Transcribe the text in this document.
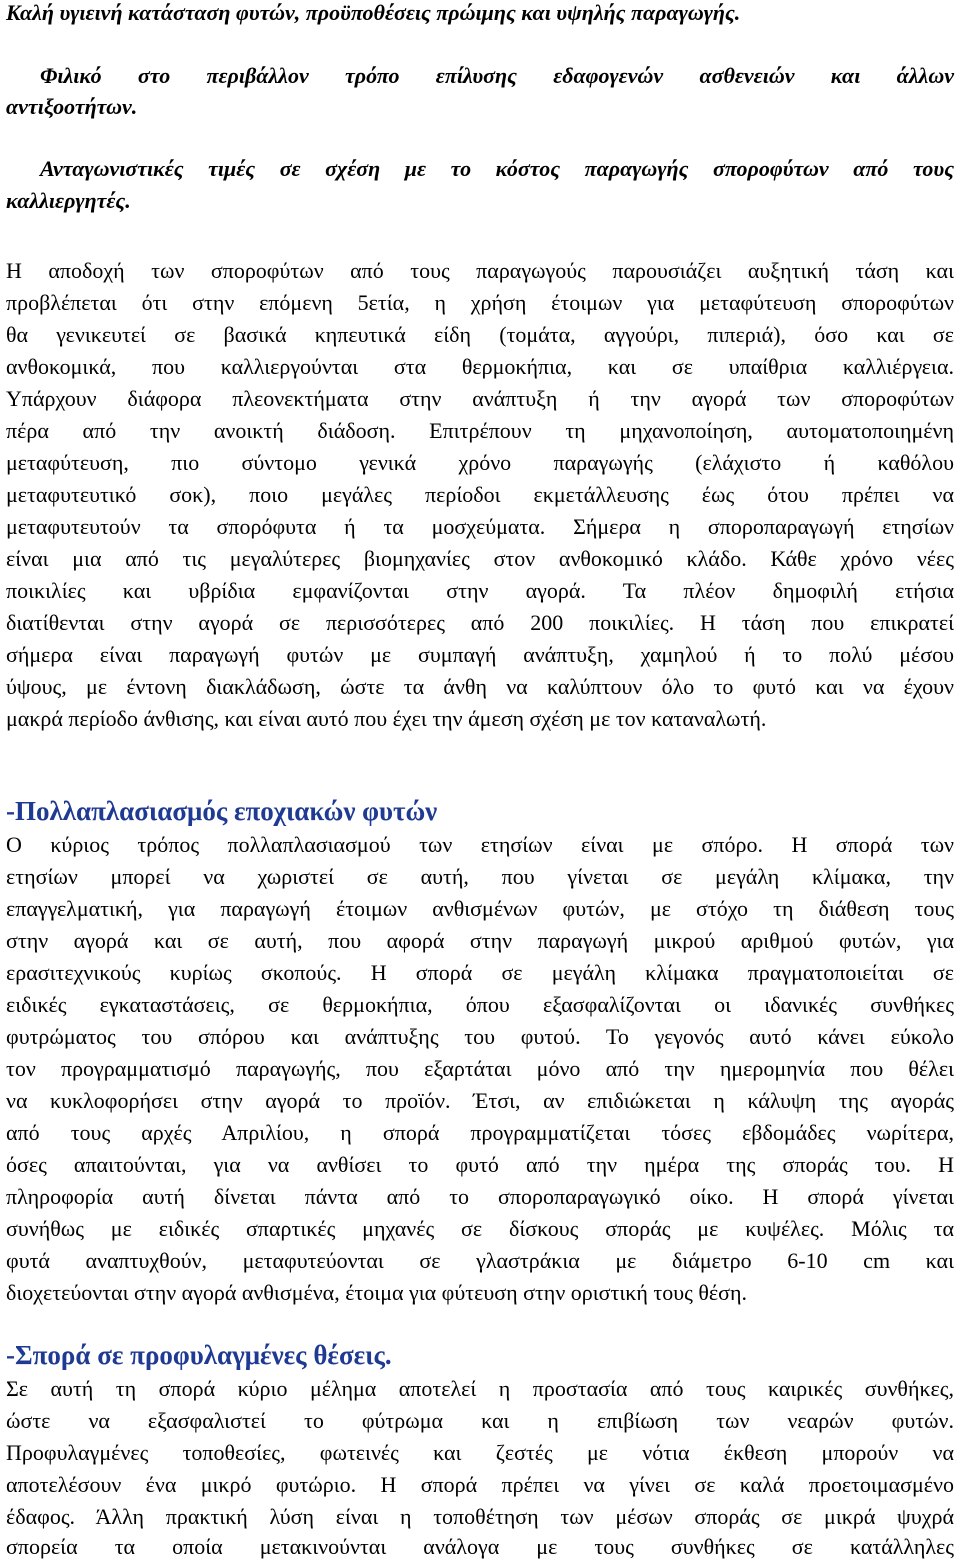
Καλή υγιεινή κατάσταση φυτών, προϋποθέσεις πρώιμης και υψηλής παραγωγής.
Φιλικό στο περιβάλλον τρόπο επίλυσης εδαφογενών ασθενειών και άλλων
αντιξοοτήτων.
Ανταγωνιστικές τιμές σε σχέση με το κόστος παραγωγής σποροφύτων από τους
καλλιεργητές.
Η αποδοχή των σποροφύτων από τους παραγωγούς παρουσιάζει αυξητική τάση και
προβλέπεται ότι στην επόμενη 5ετία, η χρήση έτοιμων για μεταφύτευση σποροφύτων
θα γενικευτεί σε βασικά κηπευτικά είδη (τομάτα, αγγούρι, πιπεριά), όσο και σε
ανθοκομικά, που καλλιεργούνται στα θερμοκήπια, και σε υπαίθρια καλλιέργεια.
Υπάρχουν διάφορα πλεονεκτήματα στην ανάπτυξη ή την αγορά των σποροφύτων
πέρα από την ανοικτή διάδοση. Επιτρέπουν τη μηχανοποίηση, αυτοματοποιημένη
μεταφύτευση, πιο σύντομο γενικά χρόνο παραγωγής (ελάχιστο ή καθόλου
μεταφυτευτικό σοκ), ποιο μεγάλες περίοδοι εκμετάλλευσης έως ότου πρέπει να
μεταφυτευτούν τα σπορόφυτα ή τα μοσχεύματα. Σήμερα η σποροπαραγωγή ετησίων
είναι μια από τις μεγαλύτερες βιομηχανίες στον ανθοκομικό κλάδο. Κάθε χρόνο νέες
ποικιλίες και υβρίδια εμφανίζονται στην αγορά. Τα πλέον δημοφιλή ετήσια
διατίθενται στην αγορά σε περισσότερες από 200 ποικιλίες. Η τάση που επικρατεί
σήμερα είναι παραγωγή φυτών με συμπαγή ανάπτυξη, χαμηλού ή το πολύ μέσου
ύψους, με έντονη διακλάδωση, ώστε τα άνθη να καλύπτουν όλο το φυτό και να έχουν
μακρά περίοδο άνθισης, και είναι αυτό που έχει την άμεση σχέση με τον καταναλωτή.
-Πολλαπλασιασμός εποχιακών φυτών
Ο κύριος τρόπος πολλαπλασιασμού των ετησίων είναι με σπόρο. Η σπορά των
ετησίων μπορεί να χωριστεί σε αυτή, που γίνεται σε μεγάλη κλίμακα, την
επαγγελματική, για παραγωγή έτοιμων ανθισμένων φυτών, με στόχο τη διάθεση τους
στην αγορά και σε αυτή, που αφορά στην παραγωγή μικρού αριθμού φυτών, για
ερασιτεχνικούς κυρίως σκοπούς. Η σπορά σε μεγάλη κλίμακα πραγματοποιείται σε
ειδικές εγκαταστάσεις, σε θερμοκήπια, όπου εξασφαλίζονται οι ιδανικές συνθήκες
φυτρώματος του σπόρου και ανάπτυξης του φυτού. Το γεγονός αυτό κάνει εύκολο
τον προγραμματισμό παραγωγής, που εξαρτάται μόνο από την ημερομηνία που θέλει
να κυκλοφορήσει στην αγορά το προϊόν. Έτσι, αν επιδιώκεται η κάλυψη της αγοράς
από τους αρχές Απριλίου, η σπορά προγραμματίζεται τόσες εβδομάδες νωρίτερα,
όσες απαιτούνται, για να ανθίσει το φυτό από την ημέρα της σποράς του. Η
πληροφορία αυτή δίνεται πάντα από το σποροπαραγωγικό οίκο. Η σπορά γίνεται
συνήθως με ειδικές σπαρτικές μηχανές σε δίσκους σποράς με κυψέλες. Μόλις τα
φυτά αναπτυχθούν, μεταφυτεύονται σε γλαστράκια με διάμετρο 6-10 cm και
διοχετεύονται στην αγορά ανθισμένα, έτοιμα για φύτευση στην οριστική τους θέση.
-Σπορά σε προφυλαγμένες θέσεις.
Σε αυτή τη σπορά κύριο μέλημα αποτελεί η προστασία από τους καιρικές συνθήκες,
ώστε να εξασφαλιστεί το φύτρωμα και η επιβίωση των νεαρών φυτών.
Προφυλαγμένες τοποθεσίες, φωτεινές και ζεστές με νότια έκθεση μπορούν να
αποτελέσουν ένα μικρό φυτώριο. Η σπορά πρέπει να γίνει σε καλά προετοιμασμένο
έδαφος. Άλλη πρακτική λύση είναι η τοποθέτηση των μέσων σποράς σε μικρά ψυχρά
σπορεία τα οποία μετακινούνται ανάλογα με τους συνθήκες σε κατάλληλες
